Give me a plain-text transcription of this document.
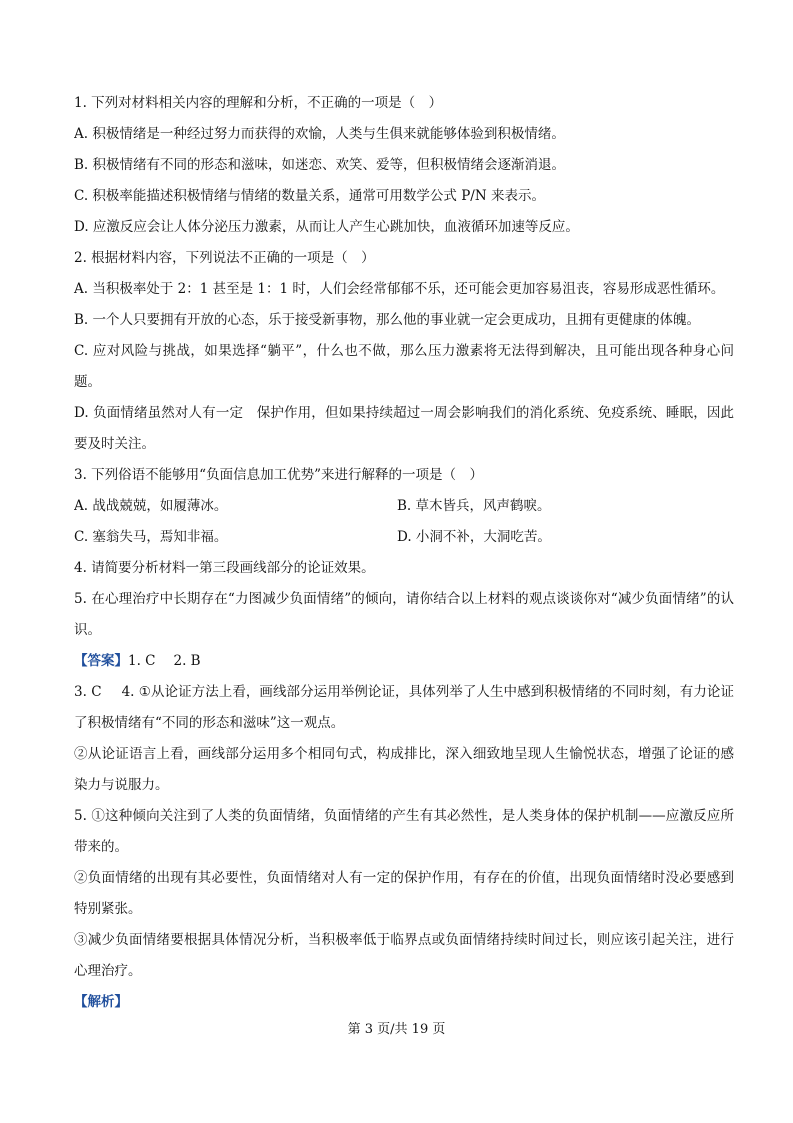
1. 下列对材料相关内容的理解和分析，不正确的一项是（　）
A. 积极情绪是一种经过努力而获得的欢愉，人类与生俱来就能够体验到积极情绪。
B. 积极情绪有不同的形态和滋味，如迷恋、欢笑、爱等，但积极情绪会逐渐消退。
C. 积极率能描述积极情绪与情绪的数量关系，通常可用数学公式 P/N 来表示。
D. 应激反应会让人体分泌压力激素，从而让人产生心跳加快，血液循环加速等反应。
2. 根据材料内容，下列说法不正确的一项是（　）
A. 当积极率处于 2：1 甚至是 1：1 时，人们会经常郁郁不乐，还可能会更加容易沮丧，容易形成恶性循环。
B. 一个人只要拥有开放的心态，乐于接受新事物，那么他的事业就一定会更成功，且拥有更健康的体魄。
C. 应对风险与挑战，如果选择“躺平”，什么也不做，那么压力激素将无法得到解决，且可能出现各种身心问题。
D. 负面情绪虽然对人有一定　保护作用，但如果持续超过一周会影响我们的消化系统、免疫系统、睡眠，因此要及时关注。
3. 下列俗语不能够用“负面信息加工优势”来进行解释的一项是（　）
A. 战战兢兢，如履薄冰。	B. 草木皆兵，风声鹤唳。
C. 塞翁失马，焉知非福。	D. 小洞不补，大洞吃苦。
4. 请简要分析材料一第三段画线部分的论证效果。
5. 在心理治疗中长期存在“力图减少负面情绪”的倾向，请你结合以上材料的观点谈谈你对“减少负面情绪”的认识。
【答案】1. C 2. B
3. C 4. ①从论证方法上看，画线部分运用举例论证，具体列举了人生中感到积极情绪的不同时刻，有力论证了积极情绪有“不同的形态和滋味”这一观点。
②从论证语言上看，画线部分运用多个相同句式，构成排比，深入细致地呈现人生愉悦状态，增强了论证的感染力与说服力。
5. ①这种倾向关注到了人类的负面情绪，负面情绪的产生有其必然性，是人类身体的保护机制——应激反应所带来的。
②负面情绪的出现有其必要性，负面情绪对人有一定的保护作用，有存在的价值，出现负面情绪时没必要感到特别紧张。
③减少负面情绪要根据具体情况分析，当积极率低于临界点或负面情绪持续时间过长，则应该引起关注，进行心理治疗。
【解析】
第 3 页/共 19 页
